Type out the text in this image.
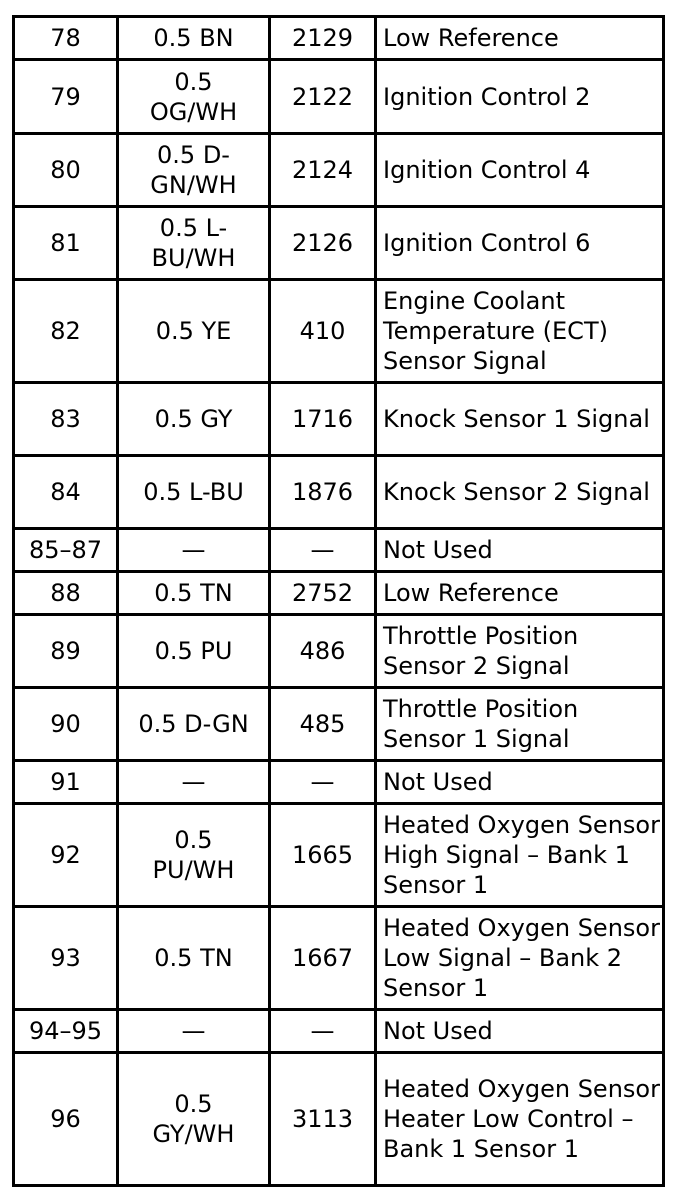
78	0.5 BN	2129	Low Reference
79	0.5 OG/WH	2122	Ignition Control 2
80	0.5 D-GN/WH	2124	Ignition Control 4
81	0.5 L-BU/WH	2126	Ignition Control 6
82	0.5 YE	410	Engine Coolant Temperature (ECT) Sensor Signal
83	0.5 GY	1716	Knock Sensor 1 Signal
84	0.5 L-BU	1876	Knock Sensor 2 Signal
85–87	—	—	Not Used
88	0.5 TN	2752	Low Reference
89	0.5 PU	486	Throttle Position Sensor 2 Signal
90	0.5 D-GN	485	Throttle Position Sensor 1 Signal
91	—	—	Not Used
92	0.5 PU/WH	1665	Heated Oxygen Sensor High Signal – Bank 1 Sensor 1
93	0.5 TN	1667	Heated Oxygen Sensor Low Signal – Bank 2 Sensor 1
94–95	—	—	Not Used
96	0.5 GY/WH	3113	Heated Oxygen Sensor Heater Low Control – Bank 1 Sensor 1
